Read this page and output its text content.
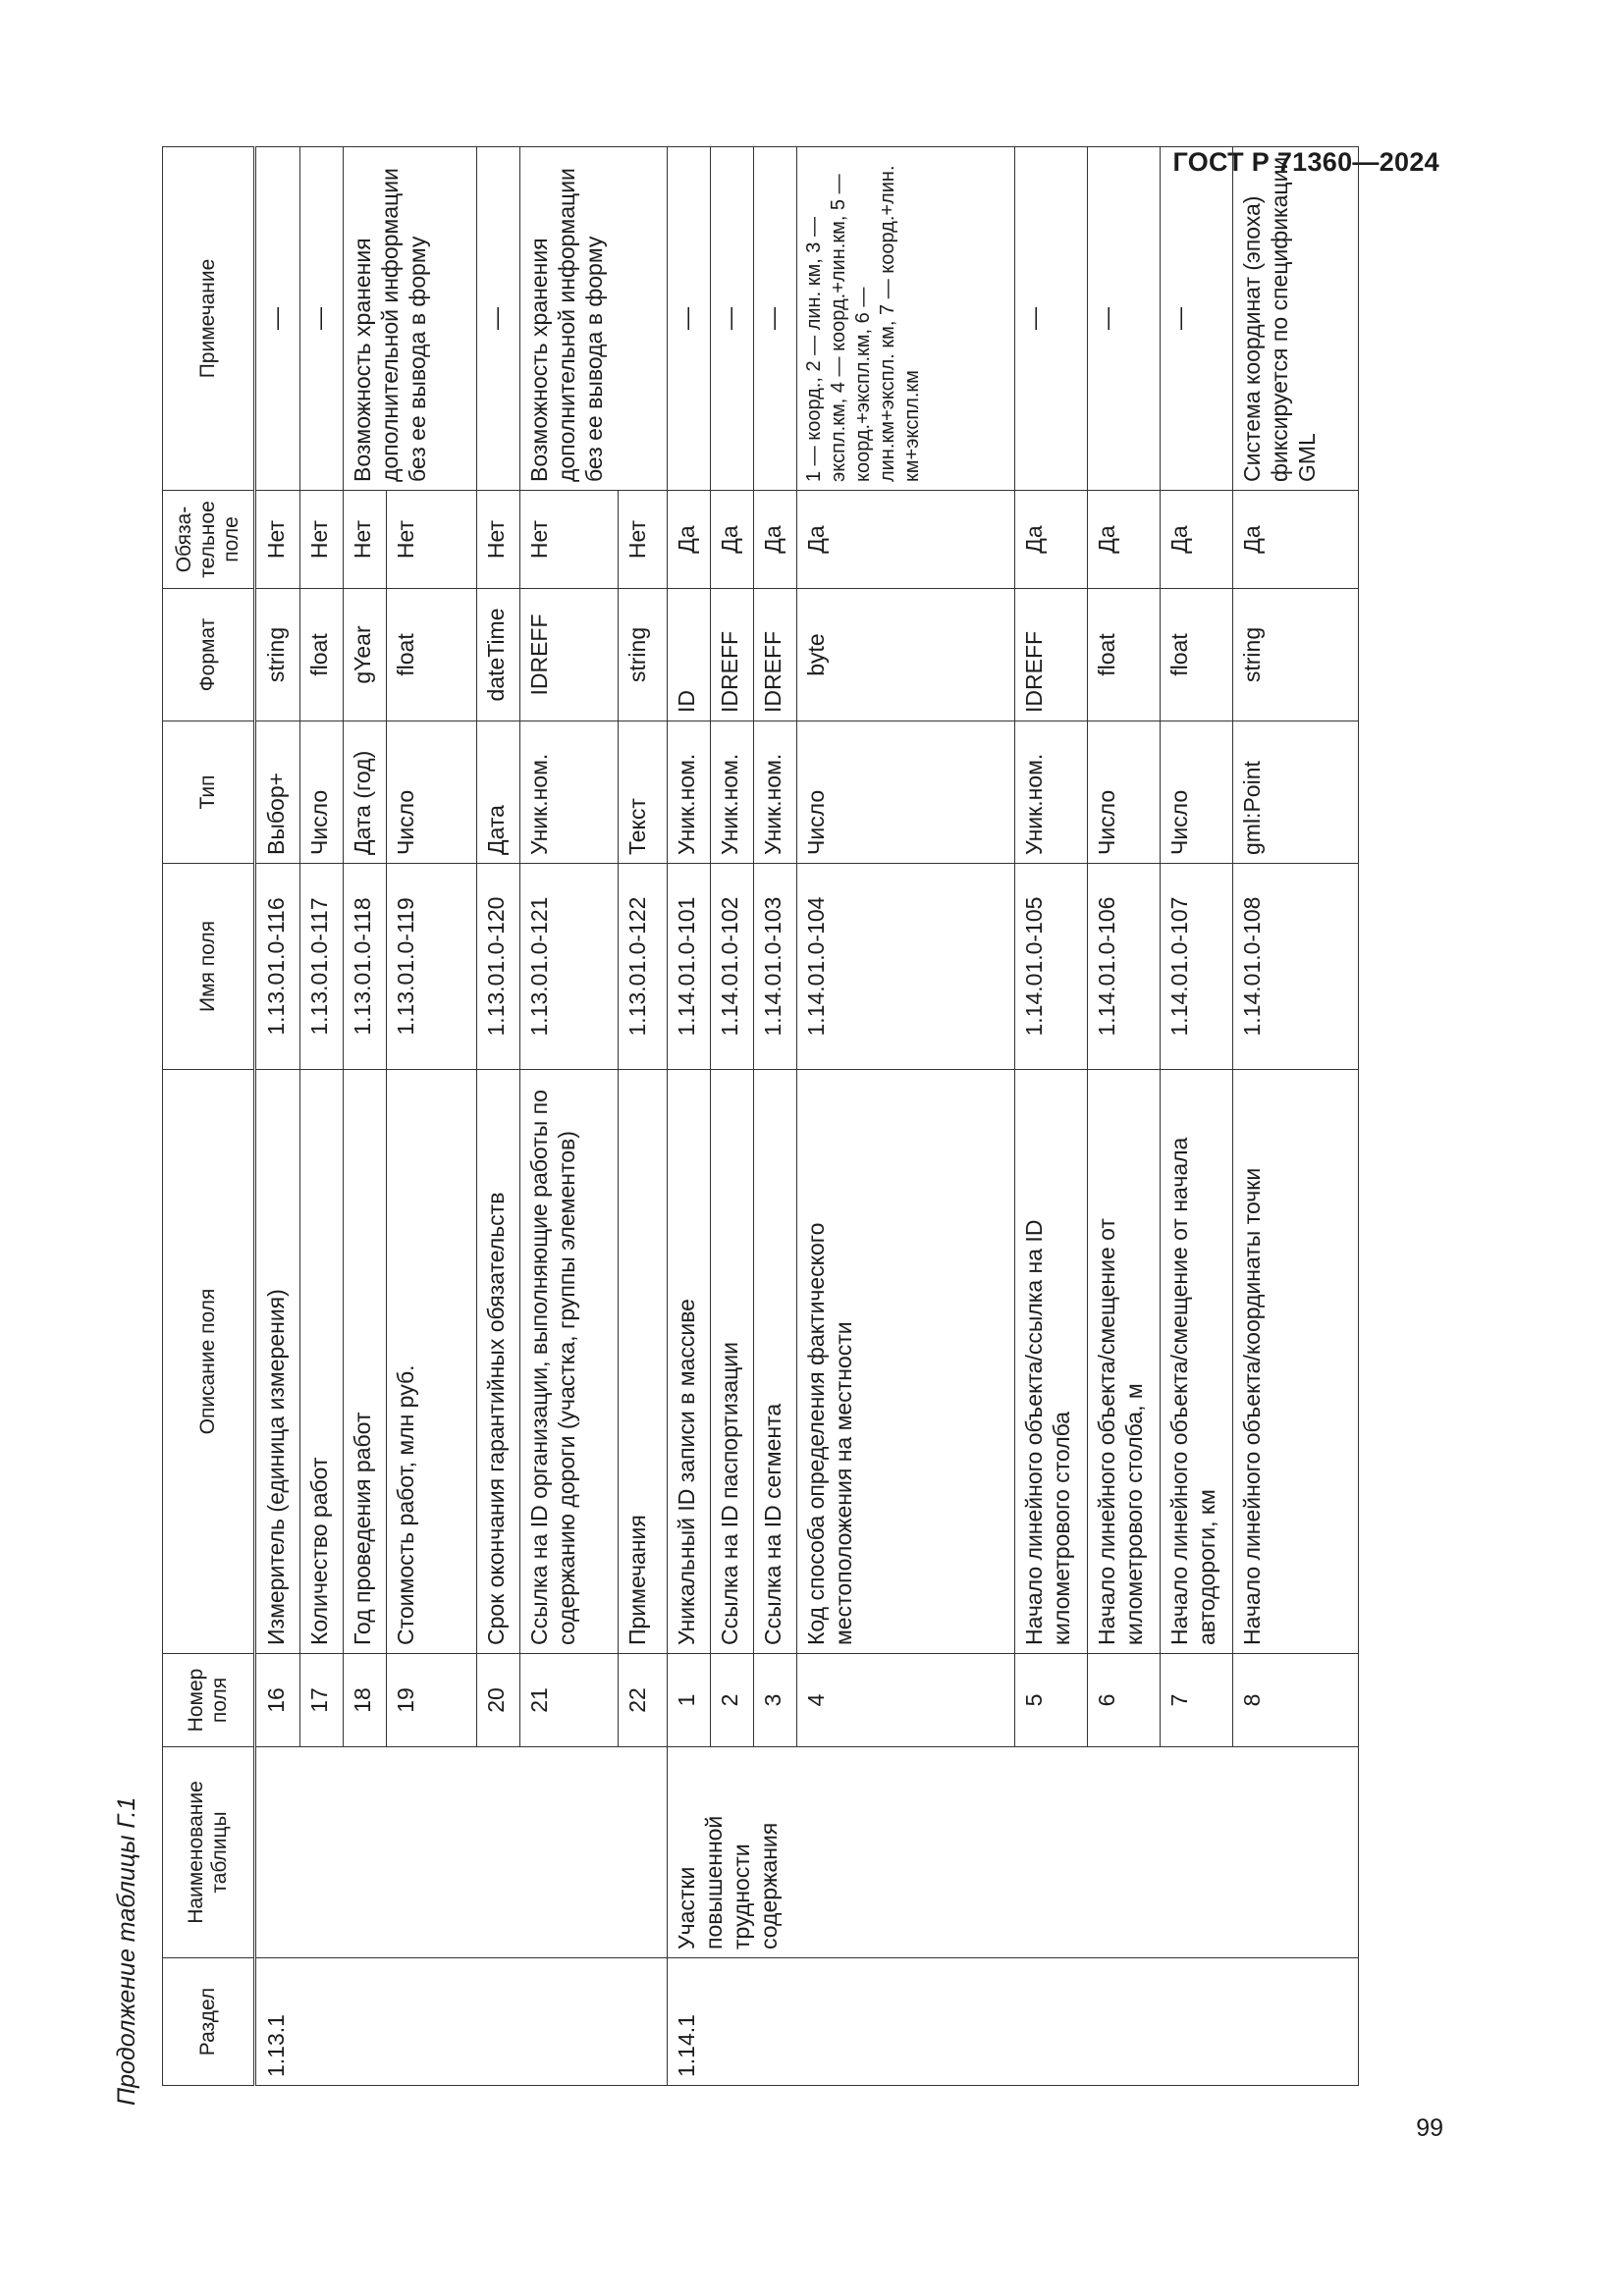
ГОСТ Р 71360—2024
99
Продолжение таблицы Г.1	Раздел	Наименование таблицы	Номер поля	Описание поля	Имя поля	Тип	Формат	Обяза-тельное поле	Примечание
1.13.1		16	Измеритель (единица измерения)	1.13.01.0-116	Выбор+	string	Нет	—
		17	Количество работ	1.13.01.0-117	Число	float	Нет	—
		18	Год проведения работ	1.13.01.0-118	Дата (год)	gYear	Нет	Возможность хранения дополнительной информации без ее вывода в форму
		19	Стоимость работ, млн руб.	1.13.01.0-119	Число	float	Нет	
		20	Срок окончания гарантийных обязательств	1.13.01.0-120	Дата	dateTime	Нет	—
		21	Ссылка на ID организации, выполняющие работы по содержанию дороги (участка, группы элементов)	1.13.01.0-121	Уник.ном.	IDREFF	Нет	Возможность хранения дополнительной информации без ее вывода в форму
		22	Примечания	1.13.01.0-122	Текст	string	Нет	
1.14.1	Участки повышенной трудности содержания	1	Уникальный ID записи в массиве	1.14.01.0-101	Уник.ном.	ID	Да	—
		2	Ссылка на ID паспортизации	1.14.01.0-102	Уник.ном.	IDREFF	Да	—
		3	Ссылка на ID сегмента	1.14.01.0-103	Уник.ном.	IDREFF	Да	—
		4	Код способа определения фактического местоположения на местности	1.14.01.0-104	Число	byte	Да	1 — коорд., 2 — лин. км, 3 — экспл.км, 4 — коорд.+лин.км, 5 — коорд.+экспл.км, 6 — лин.км+экспл. км, 7 — коорд.+лин. км+экспл.км
		5	Начало линейного объекта/ссылка на ID километрового столба	1.14.01.0-105	Уник.ном.	IDREFF	Да	—
		6	Начало линейного объекта/смещение от километрового столба, м	1.14.01.0-106	Число	float	Да	—
		7	Начало линейного объекта/смещение от начала автодороги, км	1.14.01.0-107	Число	float	Да	—
		8	Начало линейного объекта/координаты точки	1.14.01.0-108	gml:Point	string	Да	Система координат (эпоха) фиксируется по спецификации GML
